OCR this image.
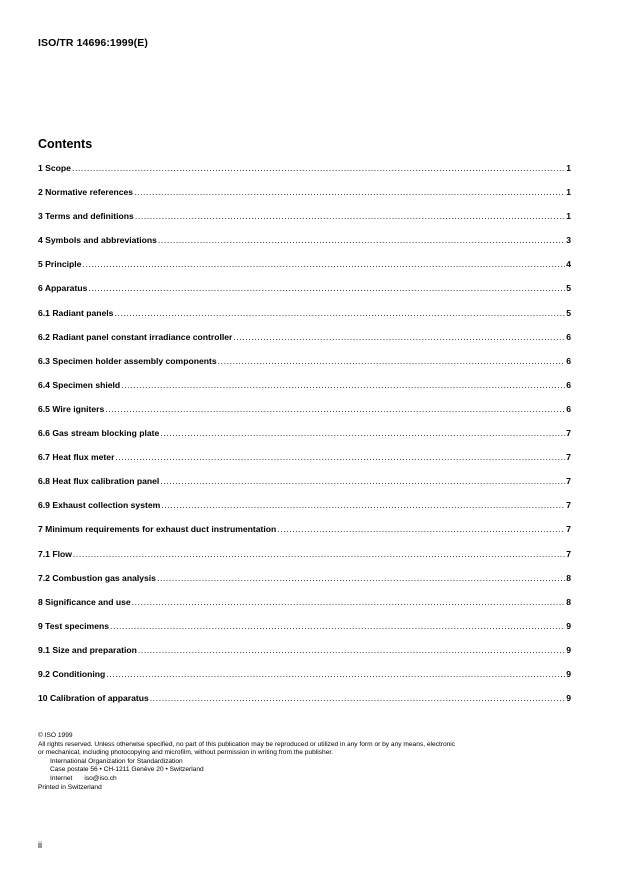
ISO/TR 14696:1999(E)
Contents
1 Scope .....	1
2 Normative references .....	1
3 Terms and definitions .....	1
4 Symbols and abbreviations .....	3
5 Principle .....	4
6 Apparatus .....	5
6.1 Radiant panels .....	5
6.2 Radiant panel constant irradiance controller .....	6
6.3 Specimen holder assembly components .....	6
6.4 Specimen shield .....	6
6.5 Wire igniters .....	6
6.6 Gas stream blocking plate .....	7
6.7 Heat flux meter .....	7
6.8 Heat flux calibration panel .....	7
6.9 Exhaust collection system .....	7
7 Minimum requirements for exhaust duct instrumentation .....	7
7.1 Flow .....	7
7.2 Combustion gas analysis .....	8
8 Significance and use .....	8
9 Test specimens .....	9
9.1 Size and preparation .....	9
9.2 Conditioning .....	9
10 Calibration of apparatus .....	9
© ISO 1999
All rights reserved. Unless otherwise specified, no part of this publication may be reproduced or utilized in any form or by any means, electronic
or mechanical, including photocopying and microfilm, without permission in writing from the publisher.
International Organization for Standardization
Case postale 56 • CH-1211 Genève 20 • Switzerland
Internet iso@iso.ch
Printed in Switzerland
ii
